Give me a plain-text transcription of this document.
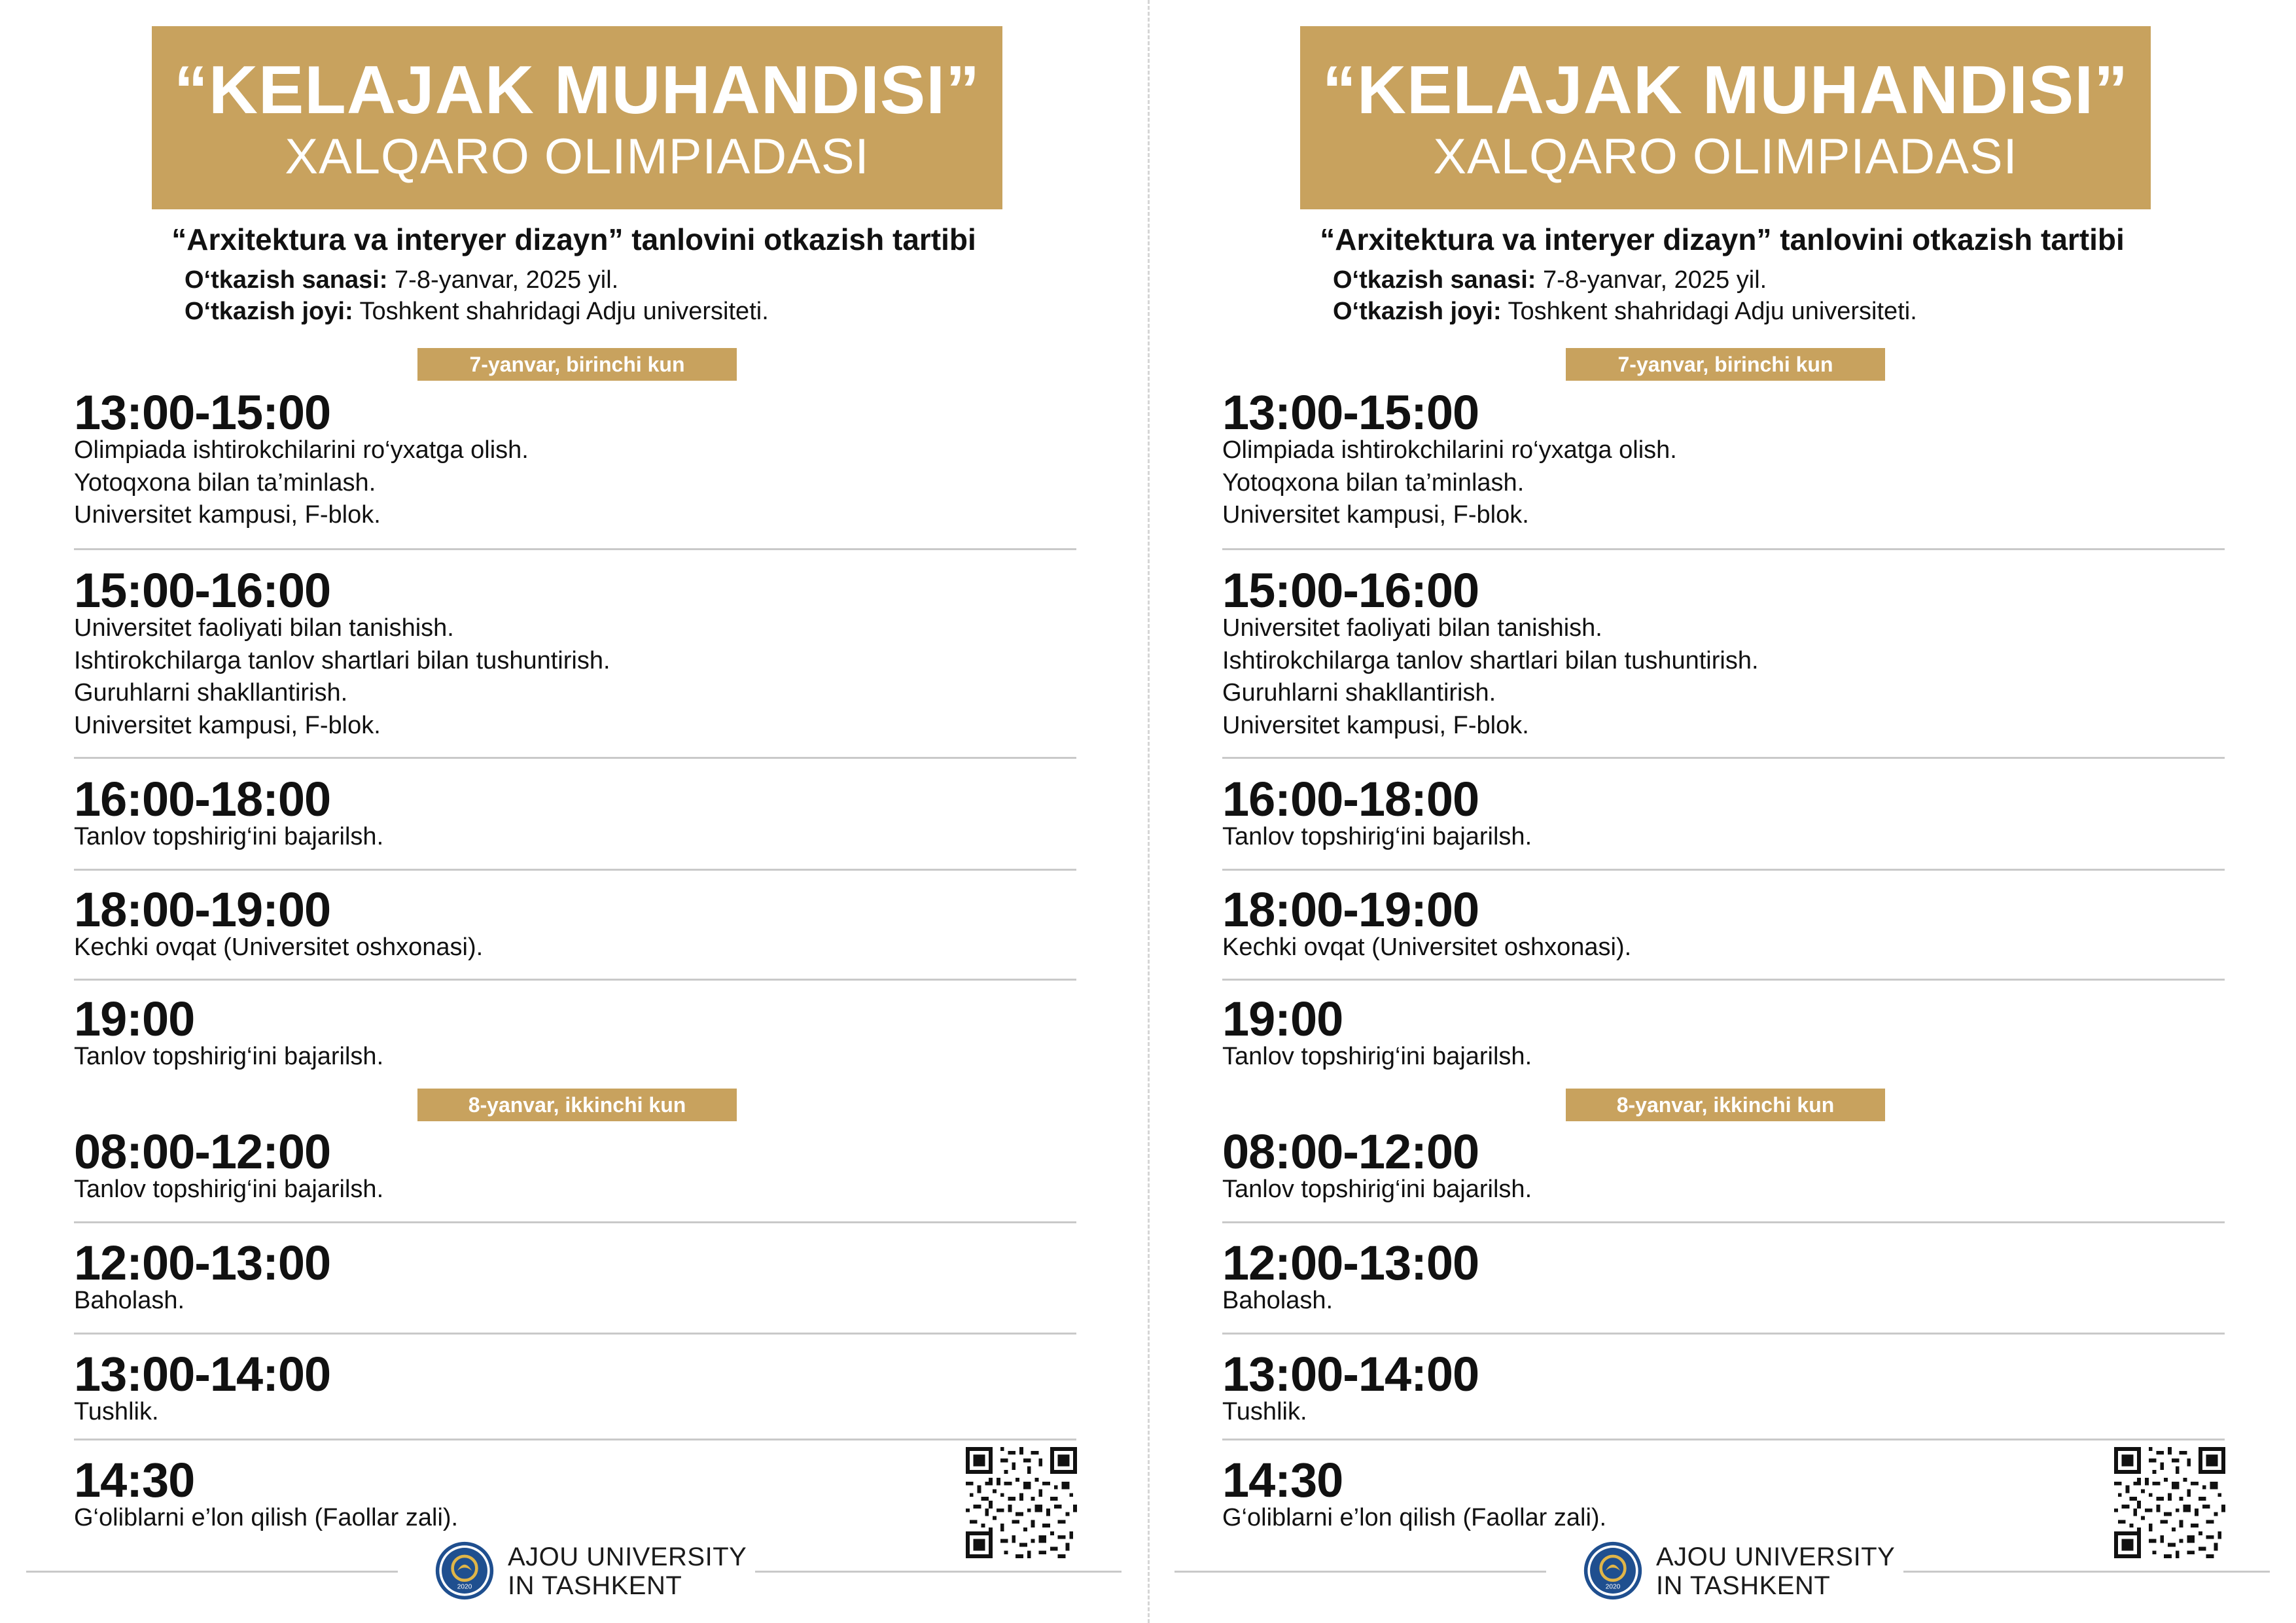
“KELAJAK MUHANDISI”
XALQARO OLIMPIADASI
“Arxitektura va interyer dizayn” tanlovini otkazish tartibi
O‘tkazish sanasi: 7-8-yanvar, 2025 yil.
O‘tkazish joyi: Toshkent shahridagi Adju universiteti.
7-yanvar, birinchi kun
13:00-15:00
Olimpiada ishtirokchilarini ro‘yxatga olish.
Yotoqxona bilan ta’minlash.
Universitet kampusi, F-blok.
15:00-16:00
Universitet faoliyati bilan tanishish.
Ishtirokchilarga tanlov shartlari bilan tushuntirish.
Guruhlarni shakllantirish.
Universitet kampusi, F-blok.
16:00-18:00
Tanlov topshirig‘ini bajarilsh.
18:00-19:00
Kechki ovqat (Universitet oshxonasi).
19:00
Tanlov topshirig‘ini bajarilsh.
8-yanvar, ikkinchi kun
08:00-12:00
Tanlov topshirig‘ini bajarilsh.
12:00-13:00
Baholash.
13:00-14:00
Tushlik.
14:30
G‘oliblarni e’lon qilish (Faollar zali).
2020
AJOU UNIVERSITY
IN TASHKENT
“KELAJAK MUHANDISI”
XALQARO OLIMPIADASI
“Arxitektura va interyer dizayn” tanlovini otkazish tartibi
O‘tkazish sanasi: 7-8-yanvar, 2025 yil.
O‘tkazish joyi: Toshkent shahridagi Adju universiteti.
7-yanvar, birinchi kun
13:00-15:00
Olimpiada ishtirokchilarini ro‘yxatga olish.
Yotoqxona bilan ta’minlash.
Universitet kampusi, F-blok.
15:00-16:00
Universitet faoliyati bilan tanishish.
Ishtirokchilarga tanlov shartlari bilan tushuntirish.
Guruhlarni shakllantirish.
Universitet kampusi, F-blok.
16:00-18:00
Tanlov topshirig‘ini bajarilsh.
18:00-19:00
Kechki ovqat (Universitet oshxonasi).
19:00
Tanlov topshirig‘ini bajarilsh.
8-yanvar, ikkinchi kun
08:00-12:00
Tanlov topshirig‘ini bajarilsh.
12:00-13:00
Baholash.
13:00-14:00
Tushlik.
14:30
G‘oliblarni e’lon qilish (Faollar zali).
2020
AJOU UNIVERSITY
IN TASHKENT
